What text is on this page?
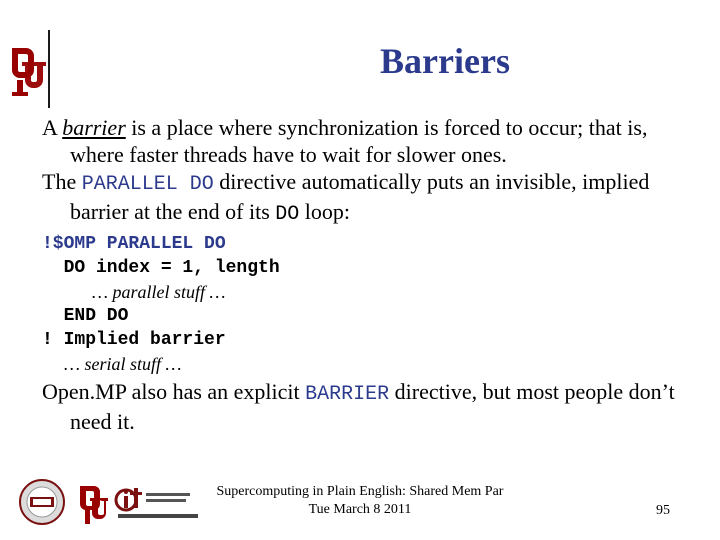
Barriers

A barrier is a place where synchronization is forced to occur; that is, where faster threads have to wait for slower ones.

The PARALLEL DO directive automatically puts an invisible, implied barrier at the end of its DO loop:

!$OMP PARALLEL DO
DO index = 1, length
… parallel stuff …
END DO
! Implied barrier
… serial stuff …

Open.MP also has an explicit BARRIER directive, but most people don’t need it.

Supercomputing in Plain English: Shared Mem Par
Tue March 8 2011	95
